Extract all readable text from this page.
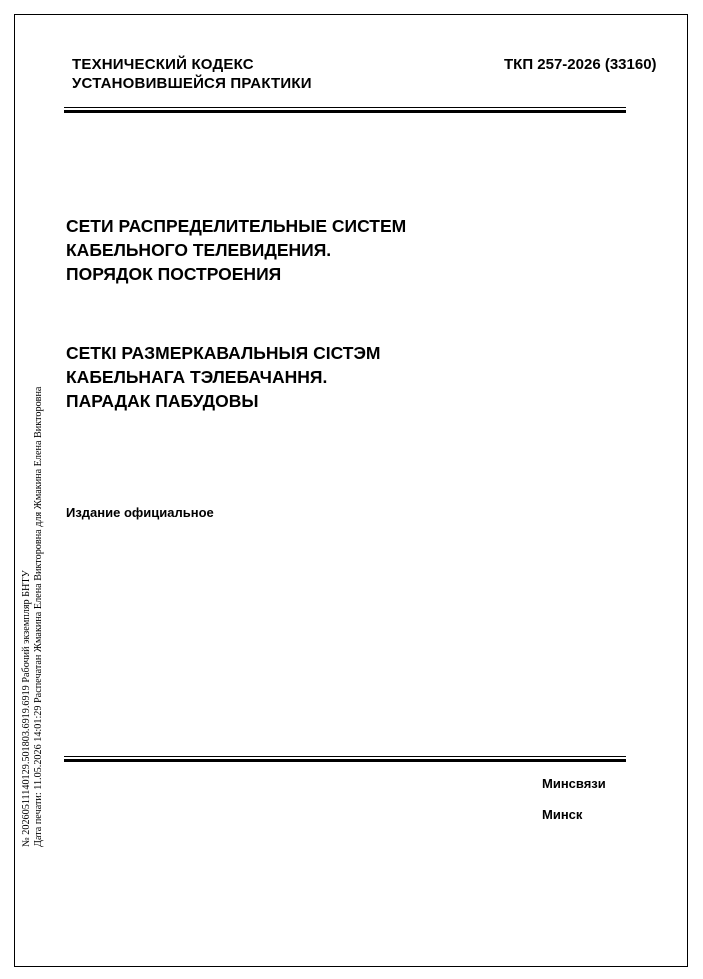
ТЕХНИЧЕСКИЙ КОДЕКС
УСТАНОВИВШЕЙСЯ ПРАКТИКИ
ТКП 257-2026 (33160)
СЕТИ РАСПРЕДЕЛИТЕЛЬНЫЕ СИСТЕМ
КАБЕЛЬНОГО ТЕЛЕВИДЕНИЯ.
ПОРЯДОК ПОСТРОЕНИЯ
СЕТКІ РАЗМЕРКАВАЛЬНЫЯ СІСТЭМ
КАБЕЛЬНАГА ТЭЛЕБАЧАННЯ.
ПАРАДАК ПАБУДОВЫ
Издание официальное
Минсвязи
Минск
№ 20260511140129.501803.6919.6919 Рабочий экземпляр БНТУ Дата печати: 11.05.2026 14:01:29 Распечатан Жмакина Елена Викторовна для Жмакина Елена Викторовна
